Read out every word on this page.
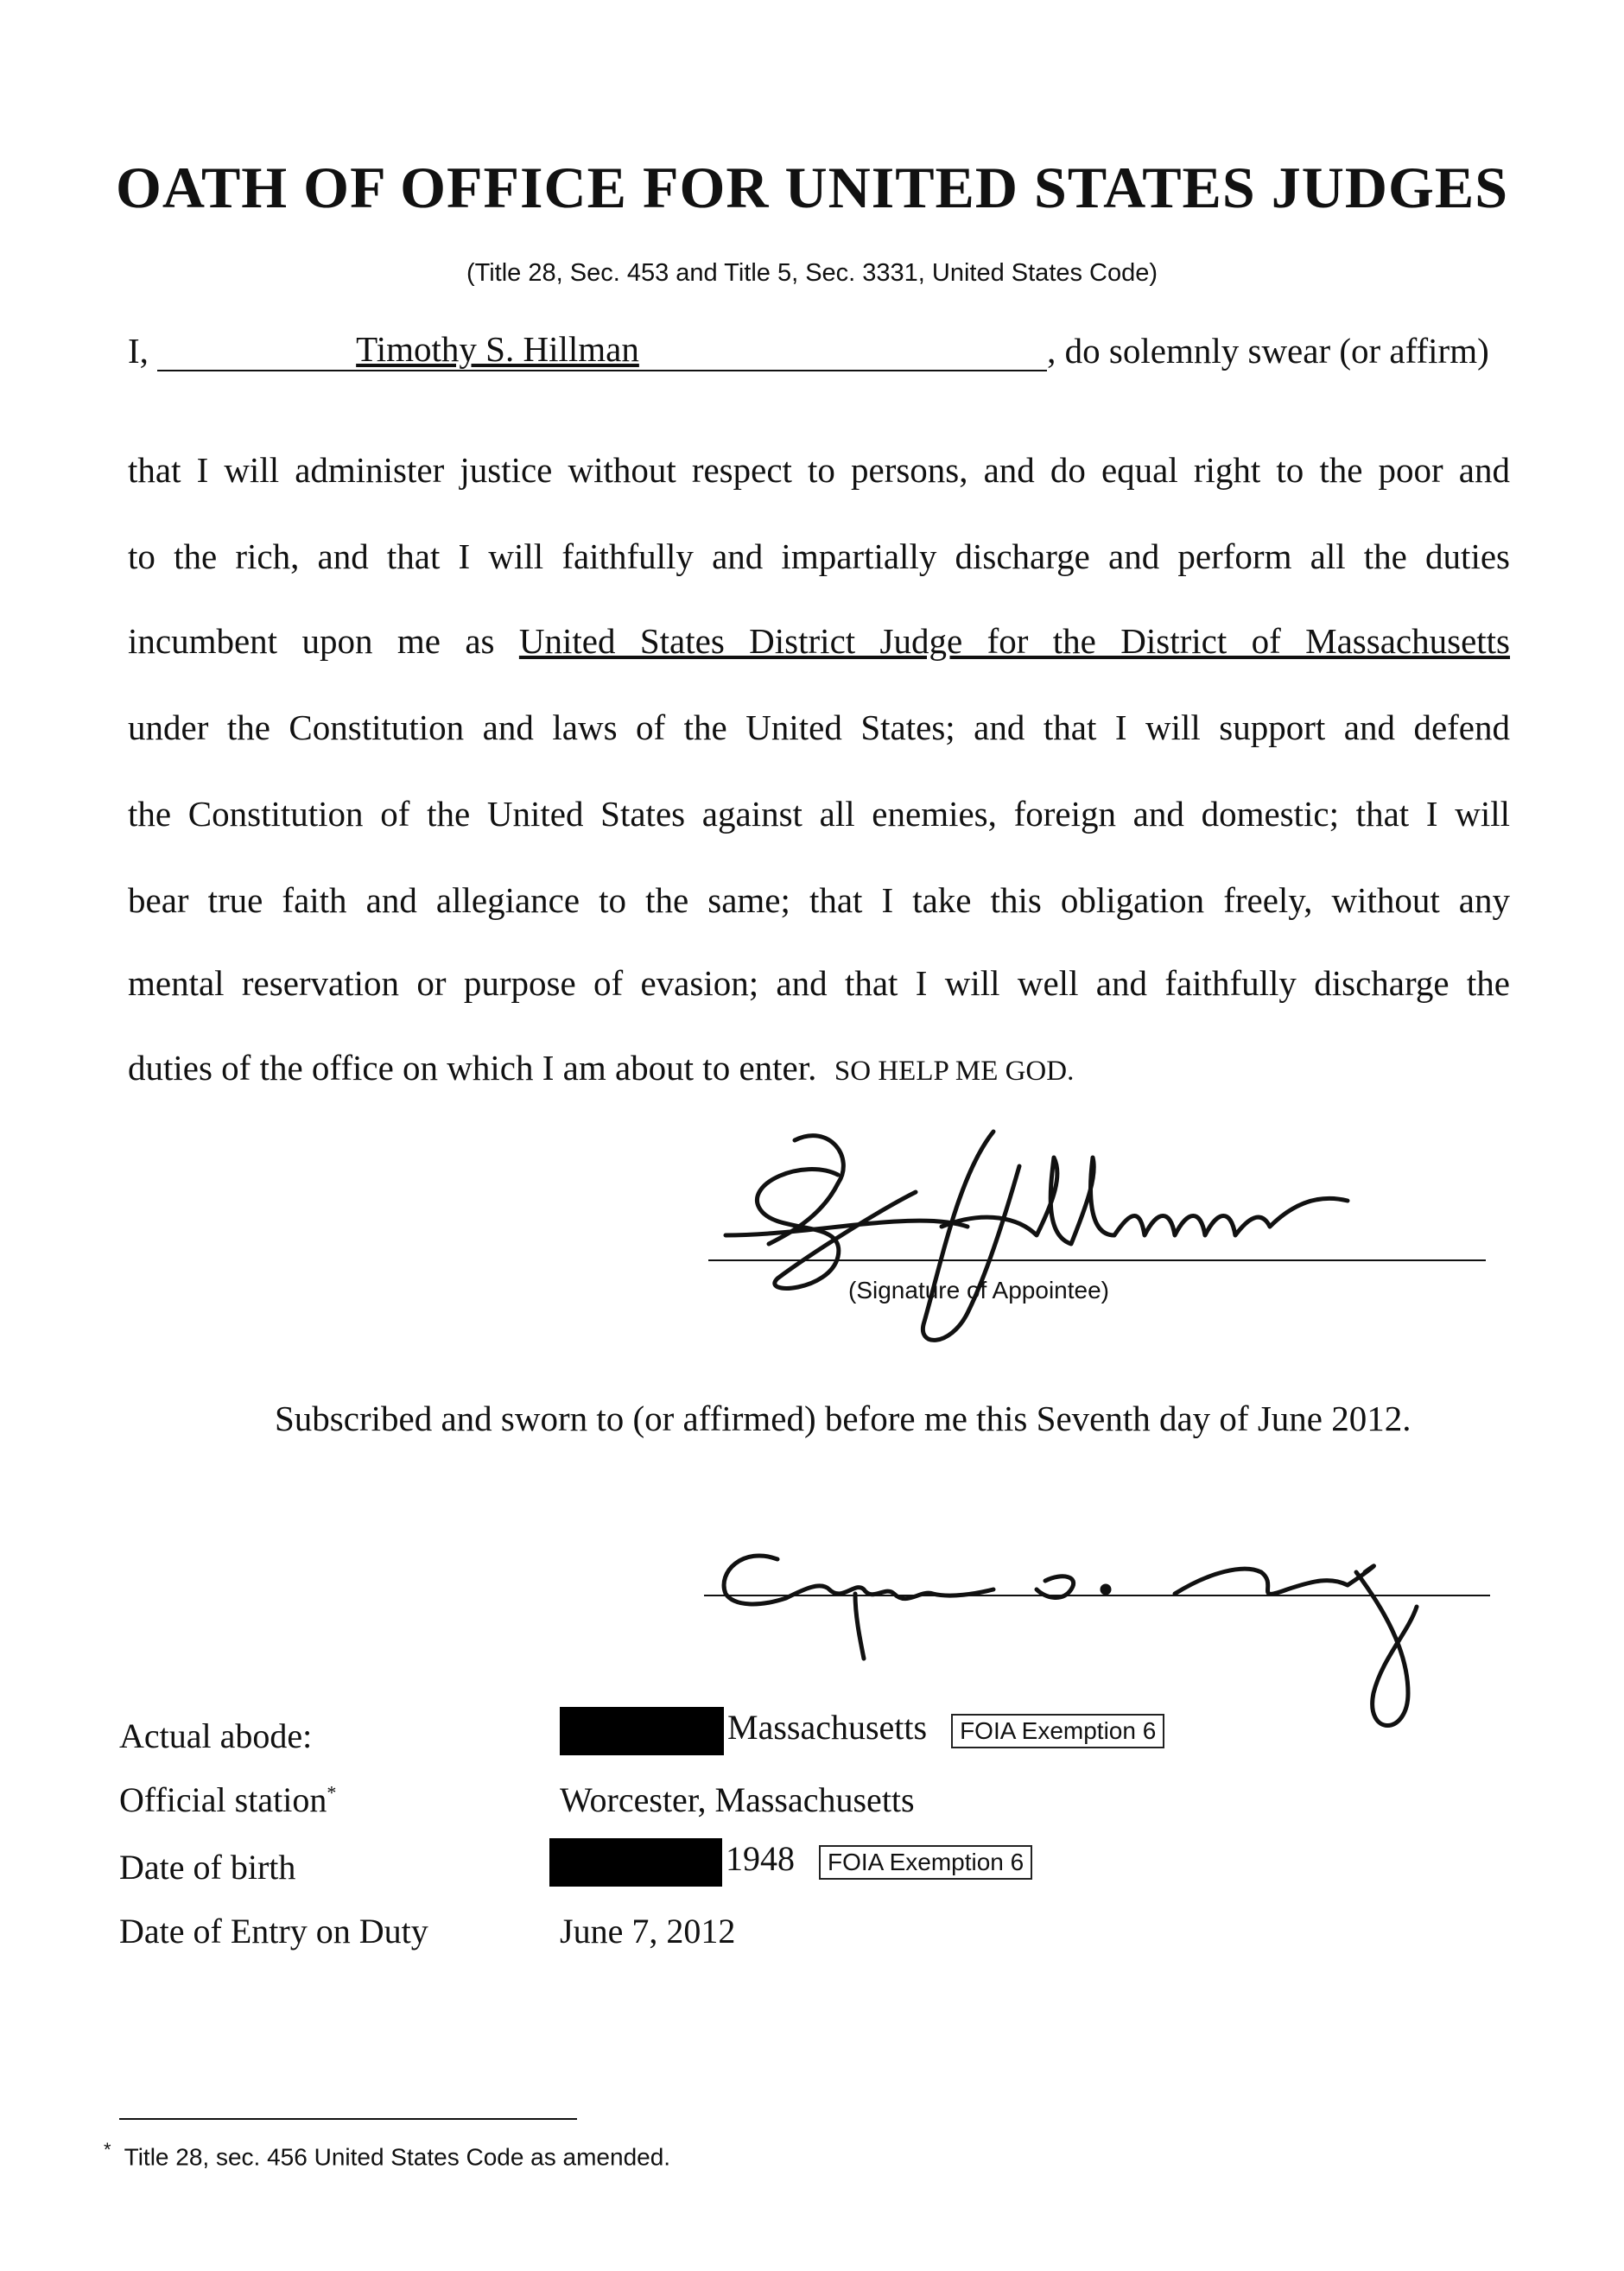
OATH OF OFFICE FOR UNITED STATES JUDGES
(Title 28, Sec. 453 and Title 5, Sec. 3331, United States Code)
I,	Timothy S. Hillman	, do solemnly swear (or affirm)
that I will administer justice without respect to persons, and do equal right to the poor and
to the rich, and that I will faithfully and impartially discharge and perform all the duties
incumbent upon me as United States District Judge for the District of Massachusetts
under the Constitution and laws of the United States; and that I will support and defend
the Constitution of the United States against all enemies, foreign and domestic; that I will
bear true faith and allegiance to the same; that I take this obligation freely, without any
mental reservation or purpose of evasion; and that I will well and faithfully discharge the
duties of the office on which I am about to enter. SO HELP ME GOD.
(Signature of Appointee)
Subscribed and sworn to (or affirmed) before me this Seventh day of June 2012.
Actual abode:	Massachusetts FOIA Exemption 6
Official station*	Worcester, Massachusetts
Date of birth	1948 FOIA Exemption 6
Date of Entry on Duty	June 7, 2012
* Title 28, sec. 456 United States Code as amended.
